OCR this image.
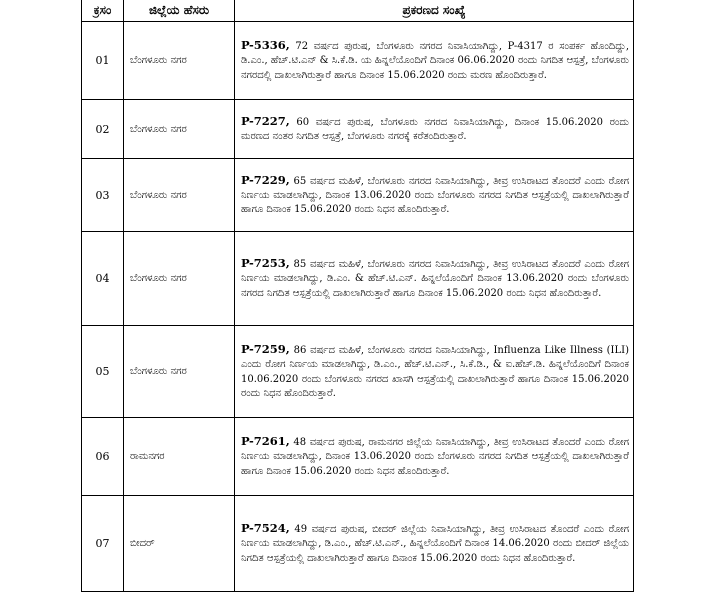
ಕ್ರಸಂ	ಜಿಲ್ಲೆಯ ಹೆಸರು	ಪ್ರಕರಣದ ಸಂಖ್ಯೆ
01	ಬೆಂಗಳೂರು ನಗರ	P-5336, 72 ವರ್ಷದ ಪುರುಷ, ಬೆಂಗಳೂರು ನಗರದ ನಿವಾಸಿಯಾಗಿದ್ದು, P-4317 ರ ಸಂಪರ್ಕ ಹೊಂದಿದ್ದು, ಡಿ.ಎಂ., ಹೆಚ್.ಟಿ.ಎನ್ & ಸಿ.ಕೆ.ಡಿ. ಯ ಹಿನ್ನಲೆಯೊಂದಿಗೆ ದಿನಾಂಕ 06.06.2020 ರಂದು ನಿಗದಿತ ಆಸ್ಪತ್ರೆ, ಬೆಂಗಳೂರು ನಗರದಲ್ಲಿ ದಾಖಲಾಗಿರುತ್ತಾರೆ ಹಾಗೂ ದಿನಾಂಕ 15.06.2020 ರಂದು ಮರಣ ಹೊಂದಿರುತ್ತಾರೆ.
02	ಬೆಂಗಳೂರು ನಗರ	P-7227, 60 ವರ್ಷದ ಪುರುಷ, ಬೆಂಗಳೂರು ನಗರದ ನಿವಾಸಿಯಾಗಿದ್ದು, ದಿನಾಂಕ 15.06.2020 ರಂದು ಮರಣದ ನಂತರ ನಿಗದಿತ ಆಸ್ಪತ್ರೆ, ಬೆಂಗಳೂರು ನಗರಕ್ಕೆ ಕರೆತಂದಿರುತ್ತಾರೆ.
03	ಬೆಂಗಳೂರು ನಗರ	P-7229, 65 ವರ್ಷದ ಮಹಿಳೆ, ಬೆಂಗಳೂರು ನಗರದ ನಿವಾಸಿಯಾಗಿದ್ದು, ತೀವ್ರ ಉಸಿರಾಟದ ತೊಂದರೆ ಎಂದು ರೋಗ ನಿರ್ಣಯ ಮಾಡಲಾಗಿದ್ದು, ದಿನಾಂಕ 13.06.2020 ರಂದು ಬೆಂಗಳೂರು ನಗರದ ನಿಗದಿತ ಆಸ್ಪತ್ರೆಯಲ್ಲಿ ದಾಖಲಾಗಿರುತ್ತಾರೆ ಹಾಗೂ ದಿನಾಂಕ 15.06.2020 ರಂದು ನಿಧನ ಹೊಂದಿರುತ್ತಾರೆ.
04	ಬೆಂಗಳೂರು ನಗರ	P-7253, 85 ವರ್ಷದ ಮಹಿಳೆ, ಬೆಂಗಳೂರು ನಗರದ ನಿವಾಸಿಯಾಗಿದ್ದು, ತೀವ್ರ ಉಸಿರಾಟದ ತೊಂದರೆ ಎಂದು ರೋಗ ನಿರ್ಣಯ ಮಾಡಲಾಗಿದ್ದು, ಡಿ.ಎಂ. & ಹೆಚ್.ಟಿ.ಎನ್. ಹಿನ್ನಲೆಯೊಂದಿಗೆ ದಿನಾಂಕ 13.06.2020 ರಂದು ಬೆಂಗಳೂರು ನಗರದ ನಿಗದಿತ ಆಸ್ಪತ್ರೆಯಲ್ಲಿ ದಾಖಲಾಗಿರುತ್ತಾರೆ ಹಾಗೂ ದಿನಾಂಕ 15.06.2020 ರಂದು ನಿಧನ ಹೊಂದಿರುತ್ತಾರೆ.
05	ಬೆಂಗಳೂರು ನಗರ	P-7259, 86 ವರ್ಷದ ಮಹಿಳೆ, ಬೆಂಗಳೂರು ನಗರದ ನಿವಾಸಿಯಾಗಿದ್ದು, Influenza Like Illness (ILI) ಎಂದು ರೋಗ ನಿರ್ಣಯ ಮಾಡಲಾಗಿದ್ದು, ಡಿ.ಎಂ., ಹೆಚ್.ಟಿ.ಎನ್., ಸಿ.ಕೆ.ಡಿ., & ಐ.ಹೆಚ್.ಡಿ. ಹಿನ್ನಲೆಯೊಂದಿಗೆ ದಿನಾಂಕ 10.06.2020 ರಂದು ಬೆಂಗಳೂರು ನಗರದ ಖಾಸಗಿ ಆಸ್ಪತ್ರೆಯಲ್ಲಿ ದಾಖಲಾಗಿರುತ್ತಾರೆ ಹಾಗೂ ದಿನಾಂಕ 15.06.2020 ರಂದು ನಿಧನ ಹೊಂದಿರುತ್ತಾರೆ.
06	ರಾಮನಗರ	P-7261, 48 ವರ್ಷದ ಪುರುಷ, ರಾಮನಗರ ಜಿಲ್ಲೆಯ ನಿವಾಸಿಯಾಗಿದ್ದು, ತೀವ್ರ ಉಸಿರಾಟದ ತೊಂದರೆ ಎಂದು ರೋಗ ನಿರ್ಣಯ ಮಾಡಲಾಗಿದ್ದು, ದಿನಾಂಕ 13.06.2020 ರಂದು ಬೆಂಗಳೂರು ನಗರದ ನಿಗದಿತ ಆಸ್ಪತ್ರೆಯಲ್ಲಿ ದಾಖಲಾಗಿರುತ್ತಾರೆ ಹಾಗೂ ದಿನಾಂಕ 15.06.2020 ರಂದು ನಿಧನ ಹೊಂದಿರುತ್ತಾರೆ.
07	ಬೀದರ್	P-7524, 49 ವರ್ಷದ ಪುರುಷ, ಬೀದರ್ ಜಿಲ್ಲೆಯ ನಿವಾಸಿಯಾಗಿದ್ದು, ತೀವ್ರ ಉಸಿರಾಟದ ತೊಂದರೆ ಎಂದು ರೋಗ ನಿರ್ಣಯ ಮಾಡಲಾಗಿದ್ದು, ಡಿ.ಎಂ., ಹೆಚ್.ಟಿ.ಎನ್., ಹಿನ್ನಲೆಯೊಂದಿಗೆ ದಿನಾಂಕ 14.06.2020 ರಂದು ಬೀದರ್ ಜಿಲ್ಲೆಯ ನಿಗದಿತ ಆಸ್ಪತ್ರೆಯಲ್ಲಿ ದಾಖಲಾಗಿರುತ್ತಾರೆ ಹಾಗೂ ದಿನಾಂಕ 15.06.2020 ರಂದು ನಿಧನ ಹೊಂದಿರುತ್ತಾರೆ.
